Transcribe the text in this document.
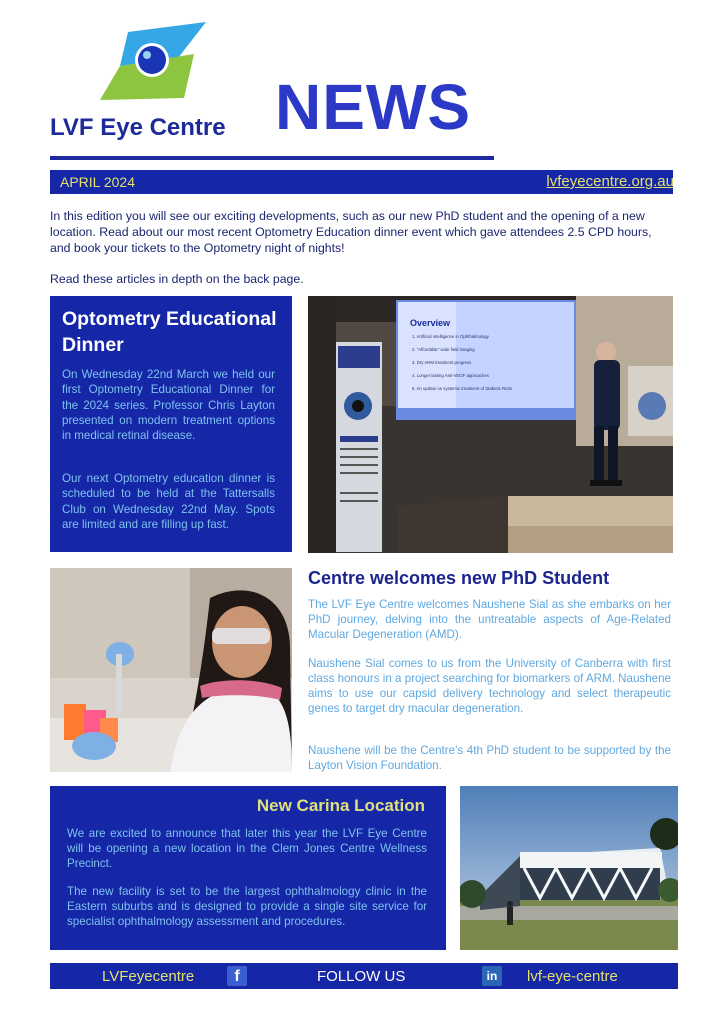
LVF Eye Centre NEWS
APRIL 2024	lvfeyecentre.org.au

In this edition you will see our exciting developments, such as our new PhD student and the opening of a new location. Read about our most recent Optometry Education dinner event which gave attendees 2.5 CPD hours, and book your tickets to the Optometry night of nights!

Read these articles in depth on the back page.

Optometry Educational Dinner
On Wednesday 22nd March we held our first Optometry Educational Dinner for the 2024 series. Professor Chris Layton presented on modern treatment options in medical retinal disease.
Our next Optometry education dinner is scheduled to be held at the Tattersalls Club on Wednesday 22nd May. Spots are limited and are filling up fast.
Overview
1. Artificial intelligence in Ophthalmology
2. "Affordable" wide field imaging
3. Dry ARM treatment progress
4. Longer lasting Anti-VEGF approaches
5. An update on systemic treatment of Diabetic Retin
Centre welcomes new PhD Student
The LVF Eye Centre welcomes Naushene Sial as she embarks on her PhD journey, delving into the untreatable aspects of Age-Related Macular Degeneration (AMD).
Naushene Sial comes to us from the University of Canberra with first class honours in a project searching for biomarkers of ARM. Naushene aims to use our capsid delivery technology and select therapeutic genes to target dry macular degeneration.
Naushene will be the Centre’s 4th PhD student to be supported by the Layton Vision Foundation.
New Carina Location
We are excited to announce that later this year the LVF Eye Centre will be opening a new location in the Clem Jones Centre Wellness Precinct.
The new facility is set to be the largest ophthalmology clinic in the Eastern suburbs and is designed to provide a single site service for specialist ophthalmology assessment and procedures.
LVFeyecentre	f	FOLLOW US	in	lvf-eye-centre
